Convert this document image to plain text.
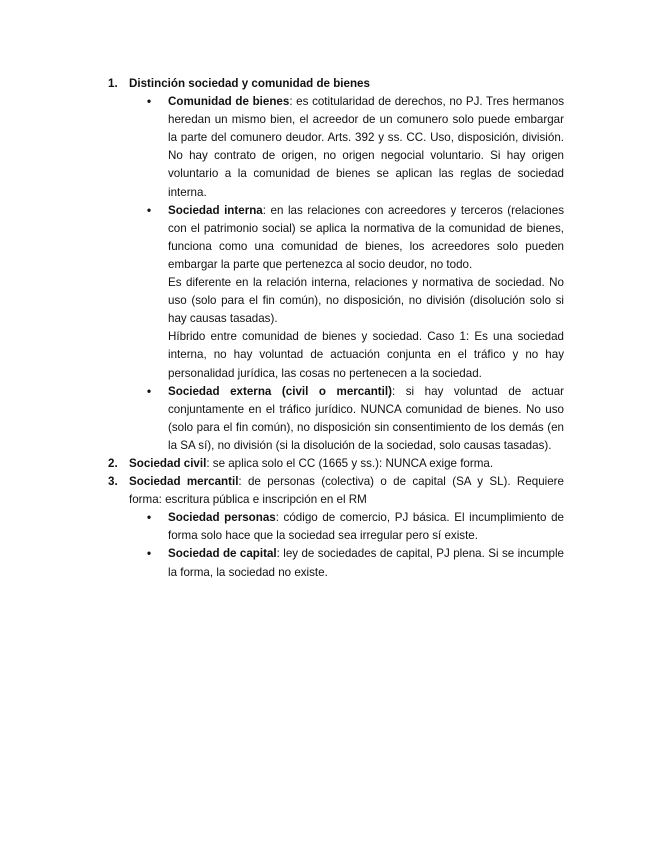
1. Distinción sociedad y comunidad de bienes
• Comunidad de bienes: es cotitularidad de derechos, no PJ. Tres hermanos heredan un mismo bien, el acreedor de un comunero solo puede embargar la parte del comunero deudor. Arts. 392 y ss. CC. Uso, disposición, división. No hay contrato de origen, no origen negocial voluntario. Si hay origen voluntario a la comunidad de bienes se aplican las reglas de sociedad interna.
• Sociedad interna: en las relaciones con acreedores y terceros (relaciones con el patrimonio social) se aplica la normativa de la comunidad de bienes, funciona como una comunidad de bienes, los acreedores solo pueden embargar la parte que pertenezca al socio deudor, no todo.
Es diferente en la relación interna, relaciones y normativa de sociedad. No uso (solo para el fin común), no disposición, no división (disolución solo si hay causas tasadas).
Híbrido entre comunidad de bienes y sociedad. Caso 1: Es una sociedad interna, no hay voluntad de actuación conjunta en el tráfico y no hay personalidad jurídica, las cosas no pertenecen a la sociedad.
• Sociedad externa (civil o mercantil): si hay voluntad de actuar conjuntamente en el tráfico jurídico. NUNCA comunidad de bienes. No uso (solo para el fin común), no disposición sin consentimiento de los demás (en la SA sí), no división (si la disolución de la sociedad, solo causas tasadas).
2. Sociedad civil: se aplica solo el CC (1665 y ss.): NUNCA exige forma.
3. Sociedad mercantil: de personas (colectiva) o de capital (SA y SL). Requiere forma: escritura pública e inscripción en el RM
• Sociedad personas: código de comercio, PJ básica. El incumplimiento de forma solo hace que la sociedad sea irregular pero sí existe.
• Sociedad de capital: ley de sociedades de capital, PJ plena. Si se incumple la forma, la sociedad no existe.
